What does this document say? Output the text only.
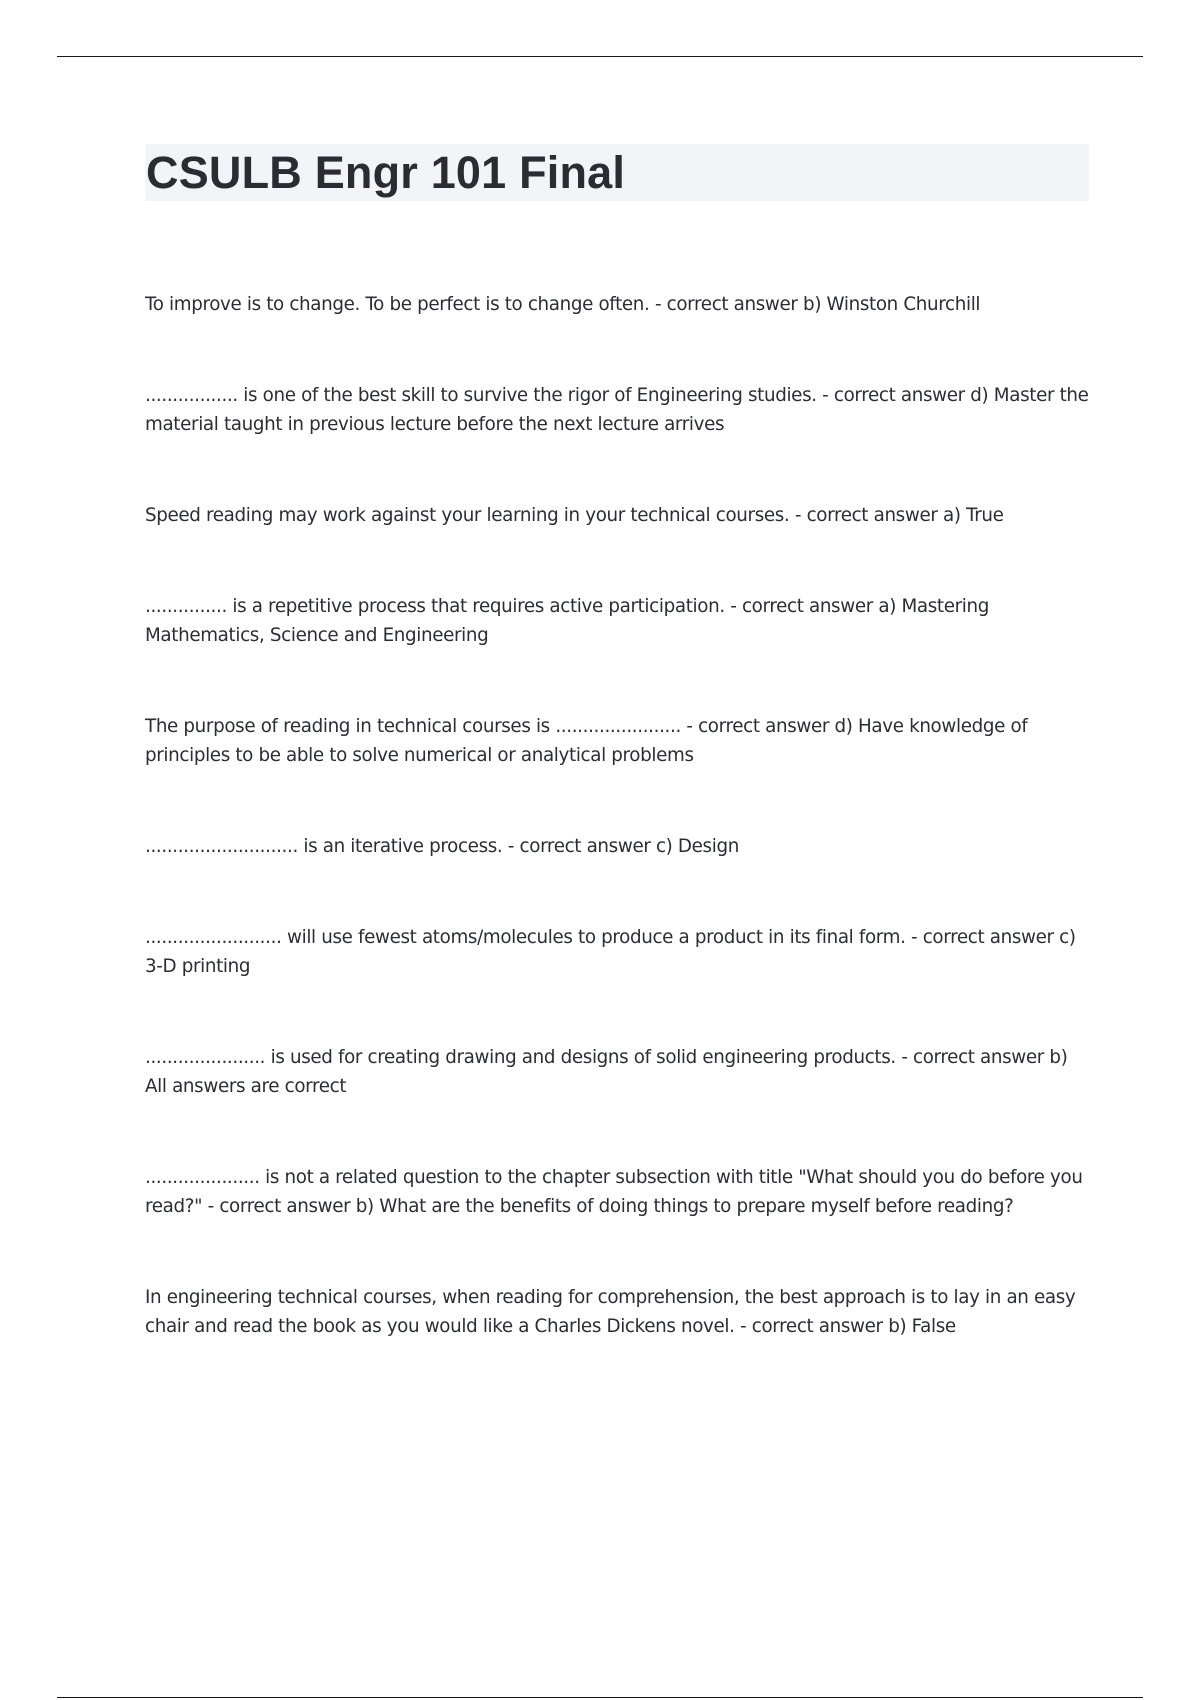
CSULB Engr 101 Final
To improve is to change. To be perfect is to change often. - correct answer b) Winston Churchill
................. is one of the best skill to survive the rigor of Engineering studies. - correct answer d) Master the material taught in previous lecture before the next lecture arrives
Speed reading may work against your learning in your technical courses. - correct answer a) True
............... is a repetitive process that requires active participation. - correct answer a) Mastering Mathematics, Science and Engineering
The purpose of reading in technical courses is ....................... - correct answer d) Have knowledge of principles to be able to solve numerical or analytical problems
............................ is an iterative process. - correct answer c) Design
......................... will use fewest atoms/molecules to produce a product in its final form. - correct answer c) 3-D printing
...................... is used for creating drawing and designs of solid engineering products. - correct answer b) All answers are correct
..................... is not a related question to the chapter subsection with title "What should you do before you read?" - correct answer b) What are the benefits of doing things to prepare myself before reading?
In engineering technical courses, when reading for comprehension, the best approach is to lay in an easy chair and read the book as you would like a Charles Dickens novel. - correct answer b) False
